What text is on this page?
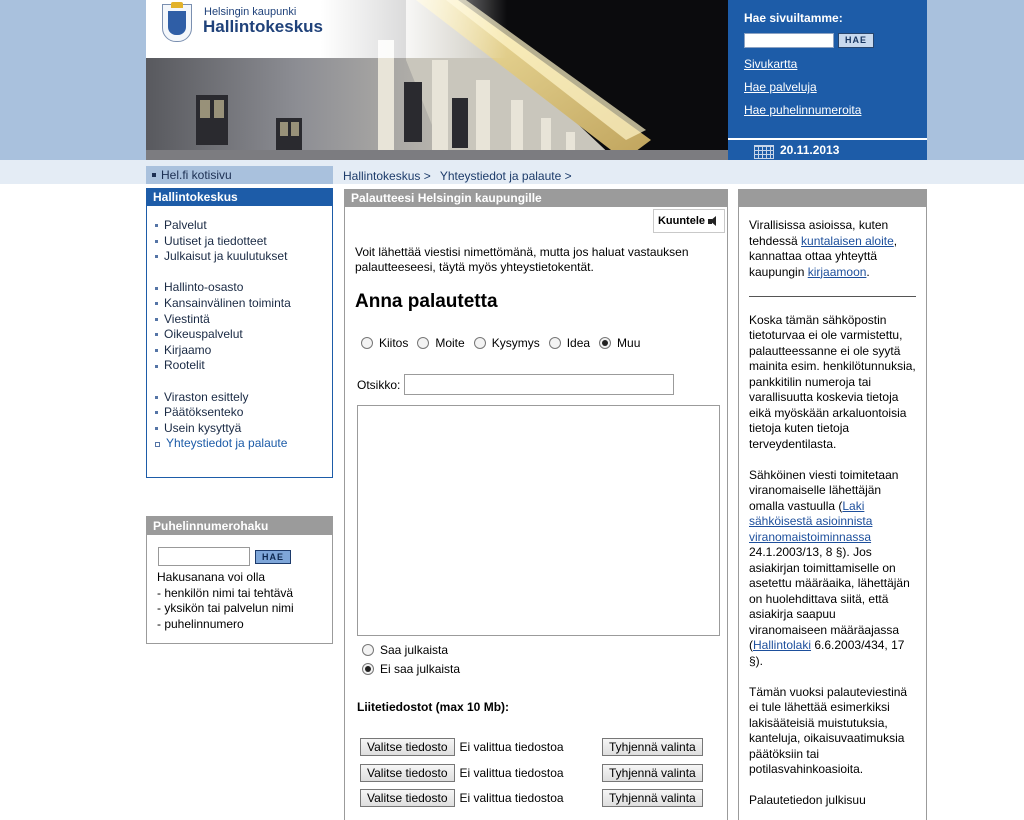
Helsingin kaupunki
Hallintokeskus	Hae sivuiltamme:
HAE
Sivukartta
Hae palveluja
Hae puhelinnumeroita
20.11.2013
Hel.fi kotisivu
Hallintokeskus
Palvelut
Uutiset ja tiedotteet
Julkaisut ja kuulutukset
Hallinto-osasto
Kansainvälinen toiminta
Viestintä
Oikeuspalvelut
Kirjaamo
Rootelit
Viraston esittely
Päätöksenteko
Usein kysyttyä
Yhteystiedot ja palaute
Puhelinnumerohaku
HAE
Hakusanana voi olla
- henkilön nimi tai tehtävä
- yksikön tai palvelun nimi
- puhelinnumero
Hallintokeskus > Yhteystiedot ja palaute >
Palautteesi Helsingin kaupungille
Kuuntele
Voit lähettää viestisi nimettömänä, mutta jos haluat vastauksen palautteeseesi, täytä myös yhteystietokentät.
Anna palautetta
Kiitos Moite Kysymys Idea Muu
Otsikko:
Saa julkaista
Ei saa julkaista
Liitetiedostot (max 10 Mb):
Valitse tiedosto	Ei valittua tiedostoa	Tyhjennä valinta
Valitse tiedosto	Ei valittua tiedostoa	Tyhjennä valinta
Valitse tiedosto	Ei valittua tiedostoa	Tyhjennä valinta

Virallisissa asioissa, kuten tehdessä kuntalaisen aloite, kannattaa ottaa yhteyttä kaupungin kirjaamoon.

Koska tämän sähköpostin tietoturvaa ei ole varmistettu, palautteessanne ei ole syytä mainita esim. henkilötunnuksia, pankkitilin numeroja tai varallisuutta koskevia tietoja eikä myöskään arkaluontoisia tietoja kuten tietoja terveydentilasta.

Sähköinen viesti toimitetaan viranomaiselle lähettäjän omalla vastuulla (Laki sähköisestä asioinnista viranomaistoiminnassa 24.1.2003/13, 8 §). Jos asiakirjan toimittamiselle on asetettu määräaika, lähettäjän on huolehdittava siitä, että asiakirja saapuu viranomaiseen määräajassa (Hallintolaki 6.6.2003/434, 17 §).

Tämän vuoksi palauteviestinä ei tule lähettää esimerkiksi lakisääteisiä muistutuksia, kanteluja, oikaisuvaatimuksia päätöksiin tai potilasvahinkoasioita.

Palautetiedon julkisuu
